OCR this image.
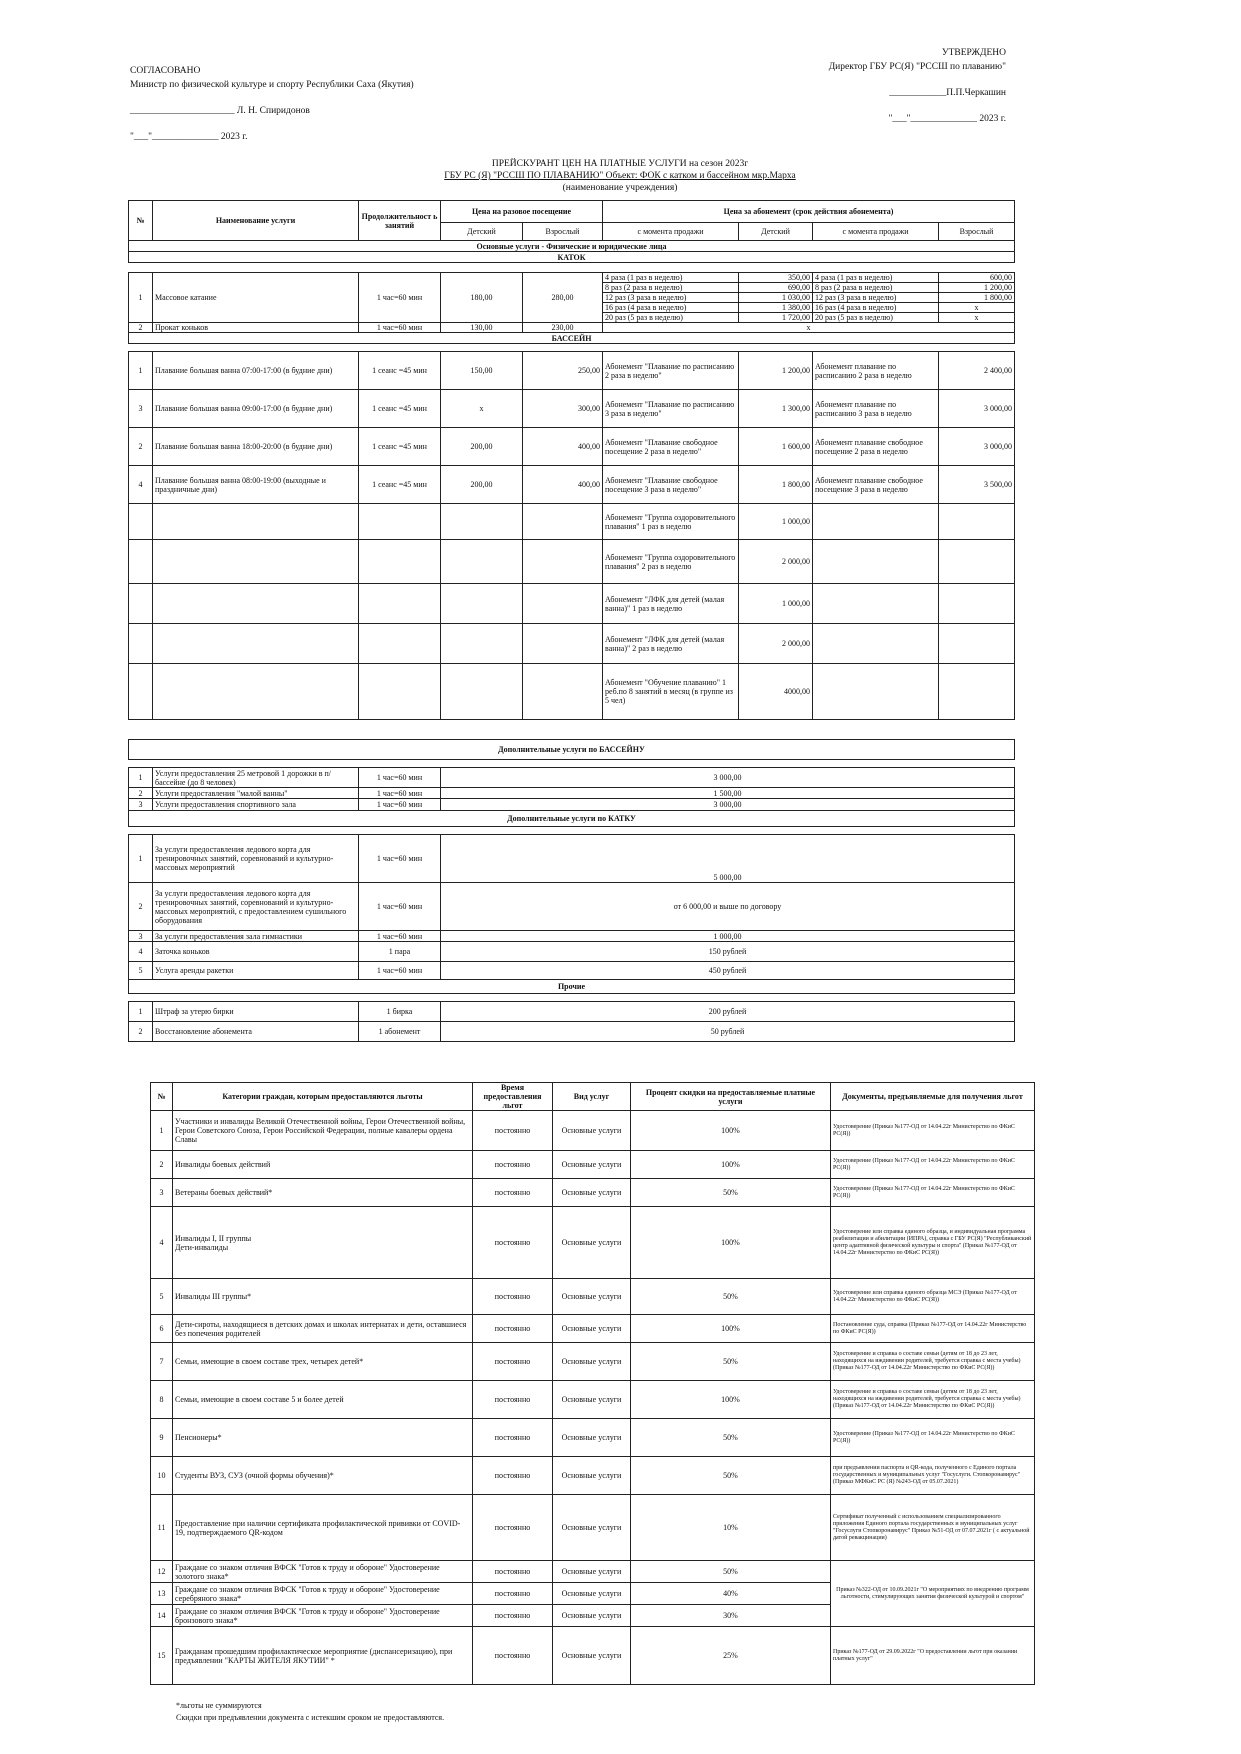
СОГЛАСОВАНО
Министр по физической культуре и спорту Республики Саха (Якутия)
______________________ Л. Н. Спиридонов
"___"______________ 2023 г.
УТВЕРЖДЕНО
Директор ГБУ РС(Я) "РССШ по плаванию"
____________П.П.Черкашин
"___"______________ 2023 г.
ПРЕЙСКУРАНТ ЦЕН НА ПЛАТНЫЕ УСЛУГИ на сезон 2023г
ГБУ РС (Я) "РССШ ПО ПЛАВАНИЮ" Объект: ФОК с катком и бассейном мкр.Марха
(наименование учреждения)
№	Наименование услуги	Продолжительност ь занятий	Цена на разовое посещение		Цена за абонемент (срок действия абонемента)			
			Детский	Взрослый	с момента продажи	Детский	с момента продажи	Взрослый
Основные услуги - Физические и юридические лица								
КАТОК								

1	Массовое катание	1 час=60 мин	180,00	280,00	4 раза (1 раз в неделю)	350,00	4 раза (1 раз в неделю)	600,00
					8 раз (2 раза в неделю)	690,00	8 раз (2 раза в неделю)	1 200,00
					12 раз (3 раза в неделю)	1 030,00	12 раз (3 раза в неделю)	1 800,00
					16 раз (4 раза в неделю)	1 380,00	16 раз (4 раза в неделю)	х
					20 раз (5 раз в неделю)	1 720,00	20 раз (5 раз в неделю)	х
2	Прокат коньков	1 час=60 мин	130,00	230,00	х			
БАССЕЙН								

1	Плавание большая ванна 07:00-17:00 (в будние дни)	1 сеанс =45 мин	150,00	250,00	Абонемент "Плавание по расписанию 2 раза в неделю"	1 200,00	Абонемент плавание по расписанию 2 раза в неделю	2 400,00
3	Плавание большая ванна 09:00-17:00 (в будние дни)	1 сеанс =45 мин	х	300,00	Абонемент "Плавание по расписанию 3 раза в неделю"	1 300,00	Абонемент плавание по расписанию 3 раза в неделю	3 000,00
2	Плавание большая ванна 18:00-20:00 (в будние дни)	1 сеанс =45 мин	200,00	400,00	Абонемент "Плавание свободное посещение 2 раза в неделю"	1 600,00	Абонемент плавание свободное посещение 2 раза в неделю	3 000,00
4	Плавание большая ванна 08:00-19:00 (выходные и праздничные дни)	1 сеанс =45 мин	200,00	400,00	Абонемент "Плавание свободное посещение 3 раза в неделю"	1 800,00	Абонемент плавание свободное посещение 3 раза в неделю	3 500,00
					Абонемент "Группа оздоровительного плавания" 1 раз в неделю	1 000,00		
					Абонемент "Группа оздоровительного плавания" 2 раз в неделю	2 000,00		
					Абонемент "ЛФК для детей (малая ванна)" 1 раз в неделю	1 000,00		
					Абонемент "ЛФК для детей (малая ванна)" 2 раз в неделю	2 000,00		
					Абонемент "Обучение плаванию" 1 реб.по 8 занятий в месяц (в группе из 5 чел)	4000,00		

Дополнительные услуги по БАССЕЙНУ								

1	Услуги предоставления 25 метровой 1 дорожки в п/бассейне (до 8 человек)	1 час=60 мин	3 000,00					
2	Услуги предоставления "малой ванны"	1 час=60 мин	1 500,00					
3	Услуги предоставления спортивного зала	1 час=60 мин	3 000,00					
Дополнительные услуги по КАТКУ								

1	За услуги предоставления ледового корта для тренировочных занятий, соревнований и культурно-массовых мероприятий	1 час=60 мин	5 000,00					
2	За услуги предоставления ледового корта для тренировочных занятий, соревнований и культурно-массовых мероприятий, с предоставлением сушильного оборудования	1 час=60 мин	от 6 000,00 и выше по договору					
3	За услуги предоставления зала гимнастики	1 час=60 мин	1 000,00					
4	Заточка коньков	1 пара	150 рублей					
5	Услуга аренды ракетки	1 час=60 мин	450 рублей					
Прочие								

1	Штраф за утерю бирки	1 бирка	200 рублей					
2	Восстановление абонемента	1 абонемент	50 рублей					
№	Категории граждан, которым предоставляются льготы	Время предоставления льгот	Вид услуг	Процент скидки на предоставляемые платные услуги	Документы, предъявляемые для получения льгот
1	Участники и инвалиды Великой Отечественной войны, Герои Отечественной войны, Герои Советского Союза, Герои Российской Федерации, полные кавалеры ордена Славы	постоянно	Основные услуги	100%	Удостоверение (Приказ №177-ОД от 14.04.22г Министерство по ФКиС РС(Я))
2	Инвалиды боевых действий	постоянно	Основные услуги	100%	Удостоверение (Приказ №177-ОД от 14.04.22г Министерство по ФКиС РС(Я))
3	Ветераны боевых действий*	постоянно	Основные услуги	50%	Удостоверение (Приказ №177-ОД от 14.04.22г Министерство по ФКиС РС(Я))
4	Инвалиды I, II группы
Дети-инвалиды	постоянно	Основные услуги	100%	Удостоверение или справка единого образца, и индивидуальная программа реабилитации и абилитации (ИПРА), справка с ГБУ РС(Я) "Республиканский центр адаптивной физической культуры и спорта" (Приказ №177-ОД от 14.04.22г Министерство по ФКиС РС(Я))
5	Инвалиды III группы*	постоянно	Основные услуги	50%	Удостоверение или справка единого образца МСЭ (Приказ №177-ОД от 14.04.22г Министерство по ФКиС РС(Я))
6	Дети-сироты, находящиеся в детских домах и школах интернатах и дети, оставшиеся без попечения родителей	постоянно	Основные услуги	100%	Постановление суда, справка (Приказ №177-ОД от 14.04.22г Министерство по ФКиС РС(Я))
7	Семьи, имеющие в своем составе трех, четырех детей*	постоянно	Основные услуги	50%	Удостоверение и справка о составе семьи (детям от 18 до 23 лет, находящихся на иждивении родителей, требуется справка с места учебы) (Приказ №177-ОД от 14.04.22г Министерство по ФКиС РС(Я))
8	Семьи, имеющие в своем составе 5 и более детей	постоянно	Основные услуги	100%	Удостоверение и справка о составе семьи (детям от 18 до 23 лет, находящихся на иждивении родителей, требуется справка с места учебы) (Приказ №177-ОД от 14.04.22г Министерство по ФКиС РС(Я))
9	Пенсионеры*	постоянно	Основные услуги	50%	Удостоверение (Приказ №177-ОД от 14.04.22г Министерство по ФКиС РС(Я))
10	Студенты ВУЗ, СУЗ (очной формы обучения)*	постоянно	Основные услуги	50%	при предъявлении паспорта и QR-кода, полученного с Единого портала государственных и муниципальных услуг "Госуслуги. Стопкоронавирус" (Приказ МФКиС РС (Я) №243-ОД от 05.07.2021)
11	Предоставление при наличии сертификата профилактической прививки от COVID-19, подтверждаемого QR-кодом	постоянно	Основные услуги	10%	Сертификат полученный с использованием специализированного приложения Единого портала государственных и муниципальных услуг "Госуслуги Стопкоронавирус" Приказ №51-ОД от 07.07.2021г ( с актуальной датой ревакцинации)
12	Граждане со знаком отличия ВФСК "Готов к труду и обороне" Удостоверение золотого знака*	постоянно	Основные услуги	50%	Приказ №322-ОД от 10.09.2021г "О мероприятиях по внедрению программ льготности, стимулирующих занятия физической культурой и спортом"
13	Граждане со знаком отличия ВФСК "Готов к труду и обороне" Удостоверение серебряного знака*	постоянно	Основные услуги	40%	
14	Граждане со знаком отличия ВФСК "Готов к труду и обороне" Удостоверение бронзового знака*	постоянно	Основные услуги	30%	
15	Гражданам прошедшим профилактическое мероприятие (диспансеризацию), при предъявлении "КАРТЫ ЖИТЕЛЯ ЯКУТИИ" *	постоянно	Основные услуги	25%	Приказ №177-ОД от 29.09.2022г "О предоставлении льгот при оказании платных услуг"
*льготы не суммируются
Скидки при предъявлении документа с истекшим сроком не предоставляются.
